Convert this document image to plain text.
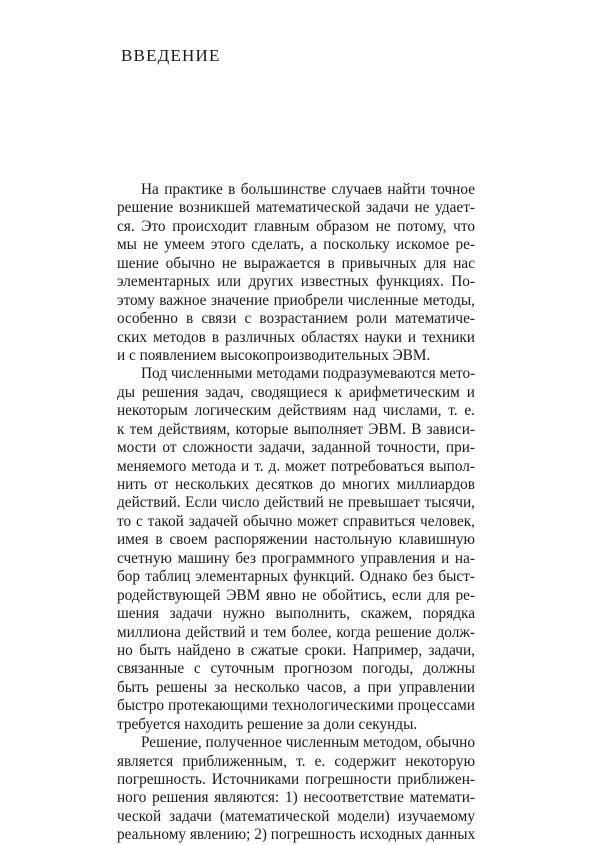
ВВЕДЕНИЕ
На практике в большинстве случаев найти точное
решение возникшей математической задачи не удает-
ся. Это происходит главным образом не потому, что
мы не умеем этого сделать, а поскольку искомое ре-
шение обычно не выражается в привычных для нас
элементарных или других известных функциях. По-
этому важное значение приобрели численные методы,
особенно в связи с возрастанием роли математиче-
ских методов в различных областях науки и техники
и с появлением высокопроизводительных ЭВМ.
Под численными методами подразумеваются мето-
ды решения задач, сводящиеся к арифметическим и
некоторым логическим действиям над числами, т. е.
к тем действиям, которые выполняет ЭВМ. В зависи-
мости от сложности задачи, заданной точности, при-
меняемого метода и т. д. может потребоваться выпол-
нить от нескольких десятков до многих миллиардов
действий. Если число действий не превышает тысячи,
то с такой задачей обычно может справиться человек,
имея в своем распоряжении настольную клавишную
счетную машину без программного управления и на-
бор таблиц элементарных функций. Однако без быст-
родействующей ЭВМ явно не обойтись, если для ре-
шения задачи нужно выполнить, скажем, порядка
миллиона действий и тем более, когда решение долж-
но быть найдено в сжатые сроки. Например, задачи,
связанные с суточным прогнозом погоды, должны
быть решены за несколько часов, а при управлении
быстро протекающими технологическими процессами
требуется находить решение за доли секунды.
Решение, полученное численным методом, обычно
является приближенным, т. е. содержит некоторую
погрешность. Источниками погрешности приближен-
ного решения являются: 1) несоответствие математи-
ческой задачи (математической модели) изучаемому
реальному явлению; 2) погрешность исходных данных
